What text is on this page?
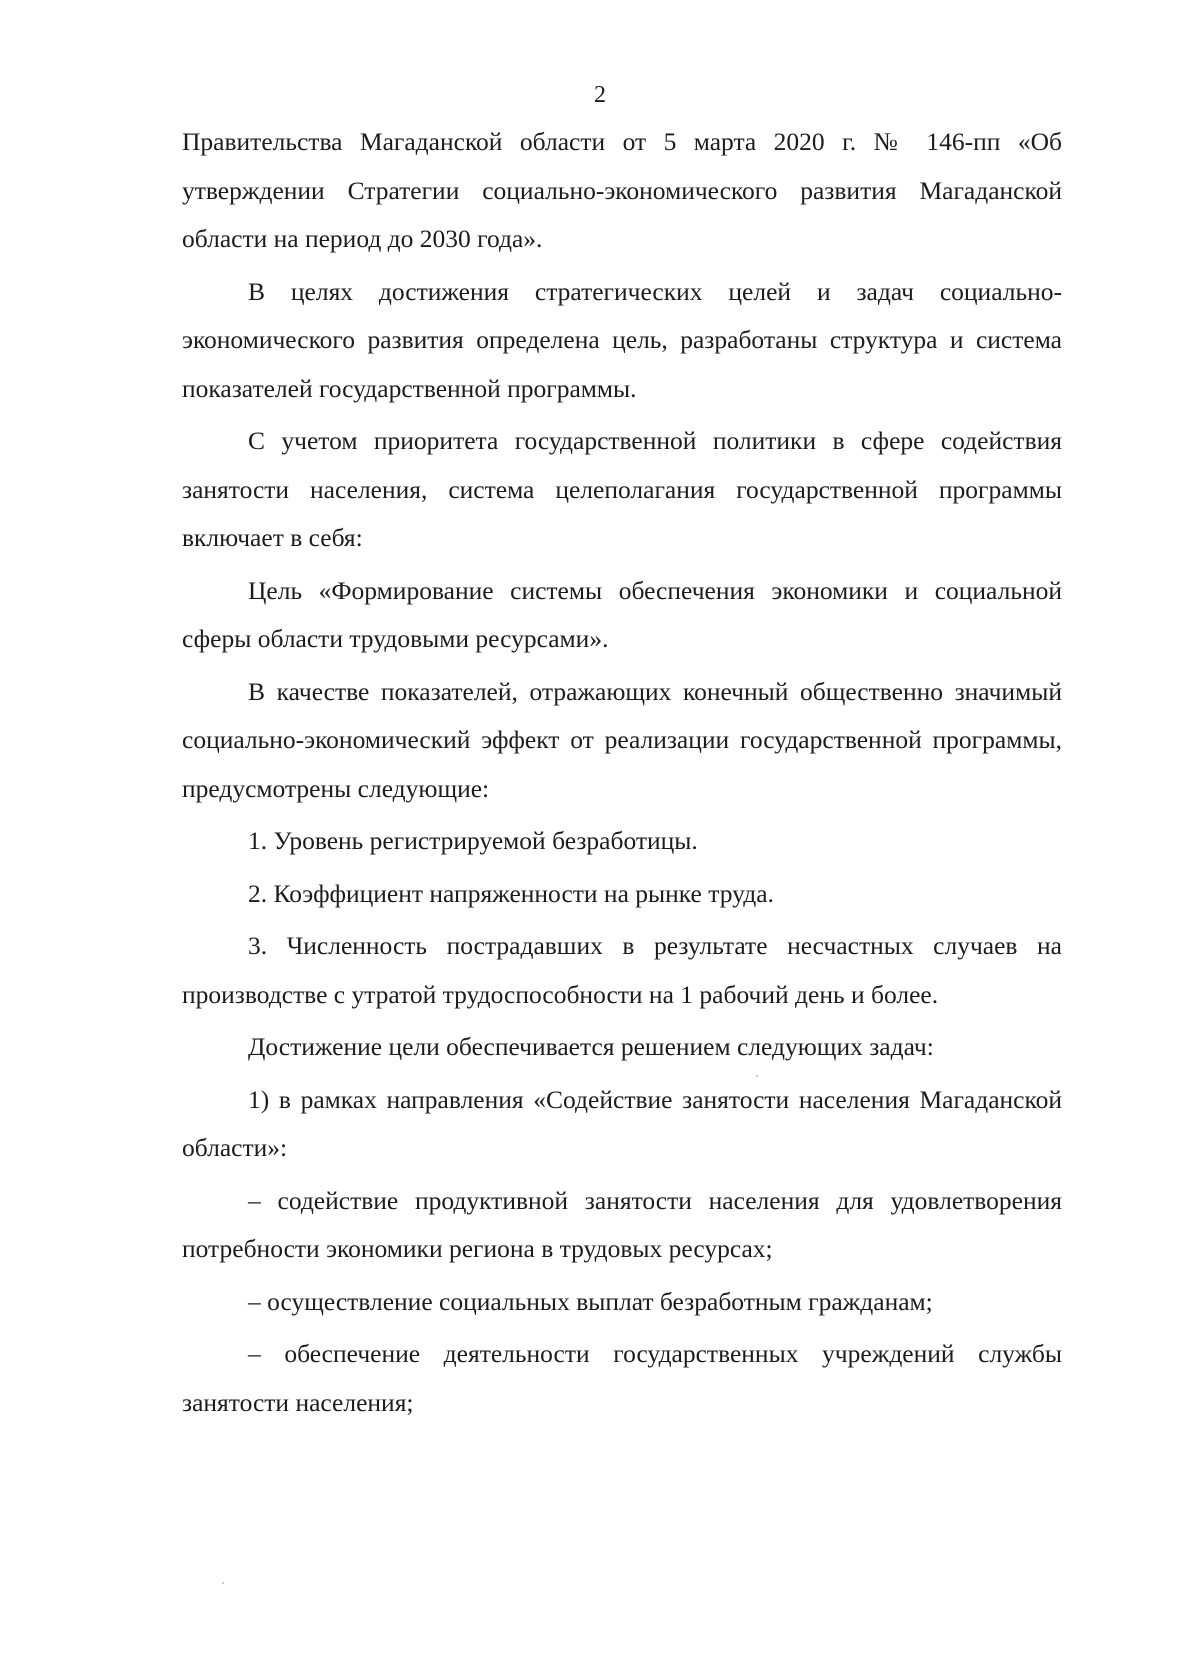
2

Правительства Магаданской области от 5 марта 2020 г. № 146-пп «Об утверждении Стратегии социально-экономического развития Магаданской области на период до 2030 года».

В целях достижения стратегических целей и задач социально-экономического развития определена цель, разработаны структура и система показателей государственной программы.

С учетом приоритета государственной политики в сфере содействия занятости населения, система целеполагания государственной программы включает в себя:

Цель «Формирование системы обеспечения экономики и социальной сферы области трудовыми ресурсами».

В качестве показателей, отражающих конечный общественно значимый социально-экономический эффект от реализации государственной программы, предусмотрены следующие:

1. Уровень регистрируемой безработицы.

2. Коэффициент напряженности на рынке труда.

3. Численность пострадавших в результате несчастных случаев на производстве с утратой трудоспособности на 1 рабочий день и более.

Достижение цели обеспечивается решением следующих задач:

1) в рамках направления «Содействие занятости населения Магаданской области»:

– содействие продуктивной занятости населения для удовлетворения потребности экономики региона в трудовых ресурсах;

– осуществление социальных выплат безработным гражданам;

– обеспечение деятельности государственных учреждений службы занятости населения;
